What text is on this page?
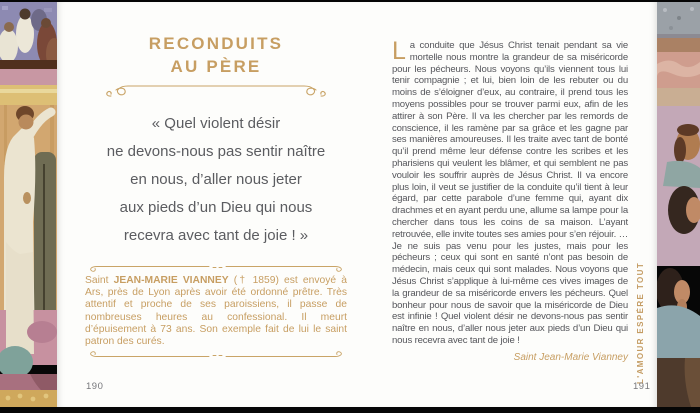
RECONDUITS
AU PÈRE
« Quel violent désir
ne devons-nous pas sentir naître
en nous, d’aller nous jeter
aux pieds d’un Dieu qui nous
recevra avec tant de joie ! »

Saint JEAN-MARIE VIANNEY († 1859) est envoyé à Ars, près de Lyon après avoir été ordonné prêtre. Très attentif et proche de ses paroissiens, il passe de nombreuses heures au confessional. Il meurt d’épuisement à 73 ans. Son exemple fait de lui le saint patron des curés.

190
La conduite que Jésus Christ tenait pendant sa vie mortelle nous montre la grandeur de sa miséricorde pour les pécheurs. Nous voyons qu’ils viennent tous lui tenir compagnie ; et lui, bien loin de les rebuter ou du moins de s’éloigner d’eux, au contraire, il prend tous les moyens possibles pour se trouver parmi eux, afin de les attirer à son Père. Il va les chercher par les remords de conscience, il les ramène par sa grâce et les gagne par ses manières amoureuses. Il les traite avec tant de bonté qu’il prend même leur défense contre les scribes et les pharisiens qui veulent les blâmer, et qui semblent ne pas vouloir les souffrir auprès de Jésus Christ. Il va encore plus loin, il veut se justifier de la conduite qu’il tient à leur égard, par cette parabole d’une femme qui, ayant dix drachmes et en ayant perdu une, allume sa lampe pour la chercher dans tous les coins de sa maison. L’ayant retrouvée, elle invite toutes ses amies pour s’en réjouir. … Je ne suis pas venu pour les justes, mais pour les pécheurs ; ceux qui sont en santé n’ont pas besoin de médecin, mais ceux qui sont malades. Nous voyons que Jésus Christ s’applique à lui-même ces vives images de la grandeur de sa miséricorde envers les pécheurs. Quel bonheur pour nous de savoir que la miséricorde de Dieu est infinie ! Quel violent désir ne devons-nous pas sentir naître en nous, d’aller nous jeter aux pieds d’un Dieu qui nous recevra avec tant de joie !
Saint Jean-Marie Vianney L'AMOUR ESPÈRE TOUT
191
